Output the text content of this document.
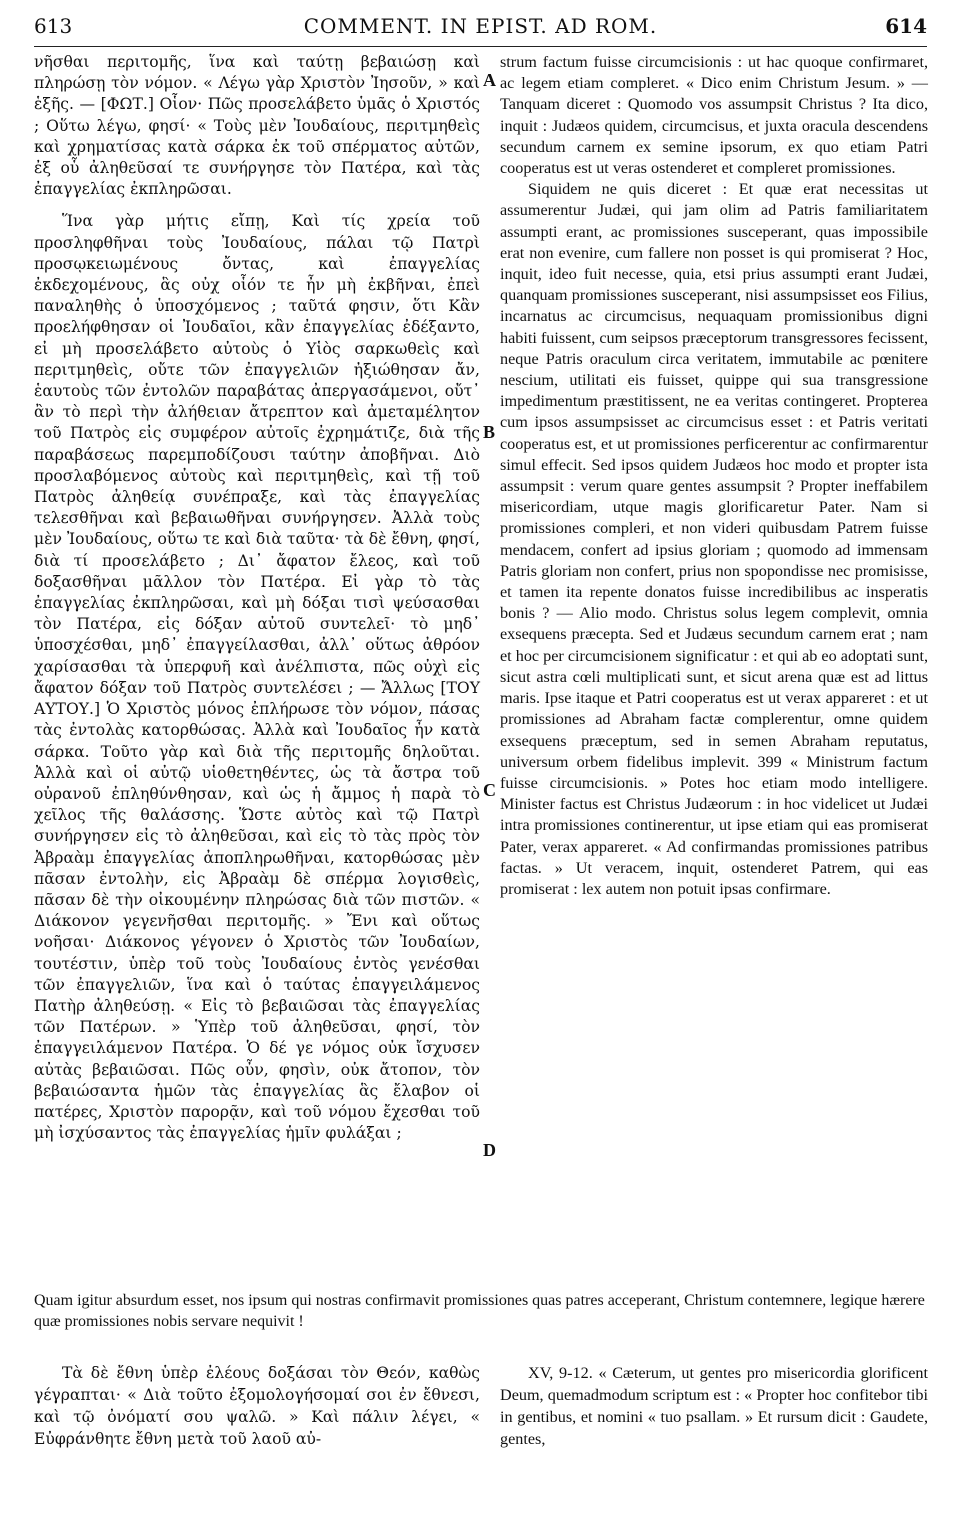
COMMENT. IN EPIST. AD ROM.
613	614

νῆσθαι περιτομῆς, ἵνα καὶ ταύτῃ βεβαιώσῃ καὶ πληρώσῃ τὸν νόμον. « Λέγω γὰρ Χριστὸν Ἰησοῦν, » καὶ ἑξῆς. — [ΦΩΤ.] Οἷον· Πῶς προσελάβετο ὑμᾶς ὁ Χριστός ; Οὕτω λέγω, φησί· « Τοὺς μὲν Ἰουδαίους, περιτμηθεὶς καὶ χρηματίσας κατὰ σάρκα ἐκ τοῦ σπέρματος αὐτῶν, ἐξ οὗ ἀληθεῦσαί τε συνήργησε τὸν Πατέρα, καὶ τὰς ἐπαγγελίας ἐκπληρῶσαι.

Ἵνα γὰρ μήτις εἴπῃ, Καὶ τίς χρεία τοῦ προσληφθῆναι τοὺς Ἰουδαίους, πάλαι τῷ Πατρὶ προσῳκειωμένους ὄντας, καὶ ἐπαγγελίας ἐκδεχομένους, ἃς οὐχ οἷόν τε ἦν μὴ ἐκβῆναι, ἐπεὶ παναληθὴς ὁ ὑποσχόμενος ; ταῦτά φησιν, ὅτι Κἂν προελήφθησαν οἱ Ἰουδαῖοι, κἂν ἐπαγγελίας ἐδέξαντο, εἰ μὴ προσελάβετο αὐτοὺς ὁ Υἱὸς σαρκωθεὶς καὶ περιτμηθεὶς, οὔτε τῶν ἐπαγγελιῶν ἠξιώθησαν ἄν, ἑαυτοὺς τῶν ἐντολῶν παραβάτας ἀπεργασάμενοι, οὔτ᾽ ἂν τὸ περὶ τὴν ἀλήθειαν ἄτρεπτον καὶ ἀμεταμέλητον τοῦ Πατρὸς εἰς συμφέρον αὐτοῖς ἐχρημάτιζε, διὰ τῆς παραβάσεως παρεμποδίζουσι ταύτην ἀποβῆναι. Διὸ προσλαβόμενος αὐτοὺς καὶ περιτμηθεὶς, καὶ τῇ τοῦ Πατρὸς ἀληθείᾳ συνέπραξε, καὶ τὰς ἐπαγγελίας τελεσθῆναι καὶ βεβαιωθῆναι συνήργησεν. Ἀλλὰ τοὺς μὲν Ἰουδαίους, οὕτω τε καὶ διὰ ταῦτα· τὰ δὲ ἔθνη, φησί, διὰ τί προσελάβετο ; Δι᾽ ἄφατον ἔλεος, καὶ τοῦ δοξασθῆναι μᾶλλον τὸν Πατέρα. Εἰ γὰρ τὸ τὰς ἐπαγγελίας ἐκπληρῶσαι, καὶ μὴ δόξαι τισὶ ψεύσασθαι τὸν Πατέρα, εἰς δόξαν αὐτοῦ συντελεῖ· τὸ μηδ᾽ ὑποσχέσθαι, μηδ᾽ ἐπαγγείλασθαι, ἀλλ᾽ οὕτως ἀθρόον χαρίσασθαι τὰ ὑπερφυῆ καὶ ἀνέλπιστα, πῶς οὐχὶ εἰς ἄφατον δόξαν τοῦ Πατρὸς συντελέσει ; — Ἄλλως [ΤΟΥ ΑΥΤΟΥ.] Ὁ Χριστὸς μόνος ἐπλήρωσε τὸν νόμον, πάσας τὰς ἐντολὰς κατορθώσας. Ἀλλὰ καὶ Ἰουδαῖος ἦν κατὰ σάρκα. Τοῦτο γὰρ καὶ διὰ τῆς περιτομῆς δηλοῦται. Ἀλλὰ καὶ οἱ αὐτῷ υἱοθετηθέντες, ὡς τὰ ἄστρα τοῦ οὐρανοῦ ἐπληθύνθησαν, καὶ ὡς ἡ ἄμμος ἡ παρὰ τὸ χεῖλος τῆς θαλάσσης. Ὥστε αὐτὸς καὶ τῷ Πατρὶ συνήργησεν εἰς τὸ ἀληθεῦσαι, καὶ εἰς τὸ τὰς πρὸς τὸν Ἀβραὰμ ἐπαγγελίας ἀποπληρωθῆναι, κατορθώσας μὲν πᾶσαν ἐντολὴν, εἰς Ἀβραὰμ δὲ σπέρμα λογισθεὶς, πᾶσαν δὲ τὴν οἰκουμένην πληρώσας διὰ τῶν πιστῶν. « Διάκονον γεγενῆσθαι περιτομῆς. » Ἔνι καὶ οὕτως νοῆσαι· Διάκονος γέγονεν ὁ Χριστὸς τῶν Ἰουδαίων, τουτέστιν, ὑπὲρ τοῦ τοὺς Ἰουδαίους ἐντὸς γενέσθαι τῶν ἐπαγγελιῶν, ἵνα καὶ ὁ ταύτας ἐπαγγειλάμενος Πατὴρ ἀληθεύσῃ. « Εἰς τὸ βεβαιῶσαι τὰς ἐπαγγελίας τῶν Πατέρων. » Ὑπὲρ τοῦ ἀληθεῦσαι, φησί, τὸν ἐπαγγειλάμενον Πατέρα. Ὁ δέ γε νόμος οὐκ ἴσχυσεν αὐτὰς βεβαιῶσαι. Πῶς οὖν, φησὶν, οὐκ ἄτοπον, τὸν βεβαιώσαντα ἡμῶν τὰς ἐπαγγελίας ἃς ἔλαβον οἱ πατέρες, Χριστὸν παρορᾷν, καὶ τοῦ νόμου ἔχεσθαι τοῦ μὴ ἰσχύσαντος τὰς ἐπαγγελίας ἡμῖν φυλάξαι ;

strum factum fuisse circumcisionis : ut hac quoque confirmaret, ac legem etiam compleret. « Dico enim Christum Jesum. » — Tanquam diceret : Quomodo vos assumpsit Christus ? Ita dico, inquit : Judæos quidem, circumcisus, et juxta oracula descendens secundum carnem ex semine ipsorum, ex quo etiam Patri cooperatus est ut veras ostenderet et compleret promissiones.

Siquidem ne quis diceret : Et quæ erat necessitas ut assumerentur Judæi, qui jam olim ad Patris familiaritatem assumpti erant, ac promissiones susceperant, quas impossibile erat non evenire, cum fallere non posset is qui promiserat ? Hoc, inquit, ideo fuit necesse, quia, etsi prius assumpti erant Judæi, quanquam promissiones susceperant, nisi assumpsisset eos Filius, incarnatus ac circumcisus, nequaquam promissionibus digni habiti fuissent, cum seipsos præceptorum transgressores fecissent, neque Patris oraculum circa veritatem, immutabile ac pœnitere nescium, utilitati eis fuisset, quippe qui sua transgressione impedimentum præstitissent, ne ea veritas contingeret. Propterea cum ipsos assumpsisset ac circumcisus esset : et Patris veritati cooperatus est, et ut promissiones perficerentur ac confirmarentur simul effecit. Sed ipsos quidem Judæos hoc modo et propter ista assumpsit : verum quare gentes assumpsit ? Propter ineffabilem misericordiam, utque magis glorificaretur Pater. Nam si promissiones compleri, et non videri quibusdam Patrem fuisse mendacem, confert ad ipsius gloriam ; quomodo ad immensam Patris gloriam non confert, prius non spopondisse nec promisisse, et tamen ita repente donatos fuisse incredibilibus ac insperatis bonis ? — Alio modo. Christus solus legem complevit, omnia exsequens præcepta. Sed et Judæus secundum carnem erat ; nam et hoc per circumcisionem significatur : et qui ab eo adoptati sunt, sicut astra cœli multiplicati sunt, et sicut arena quæ est ad littus maris. Ipse itaque et Patri cooperatus est ut verax appareret : et ut promissiones ad Abraham factæ complerentur, omne quidem exsequens præceptum, sed in semen Abraham reputatus, universum orbem fidelibus implevit. 399 « Ministrum factum fuisse circumcisionis. » Potes hoc etiam modo intelligere. Minister factus est Christus Judæorum : in hoc videlicet ut Judæi intra promissiones continerentur, ut ipse etiam qui eas promiserat Pater, verax appareret. « Ad confirmandas promissiones patribus factas. » Ut veracem, inquit, ostenderet Patrem, qui eas promiserat : lex autem non potuit ipsas confirmare.

A
B
C
D

Quam igitur absurdum esset, nos ipsum qui nostras confirmavit promissiones quas patres acceperant, Christum contemnere, legique hærere quæ promissiones nobis servare nequivit !

Τὰ δὲ ἔθνη ὑπὲρ ἐλέους δοξάσαι τὸν Θεόν, καθὼς γέγραπται· « Διὰ τοῦτο ἐξομολογήσομαί σοι ἐν ἔθνεσι, καὶ τῷ ὀνόματί σου ψαλῶ. » Καὶ πάλιν λέγει, « Εὐφράνθητε ἔθνη μετὰ τοῦ λαοῦ αὐ-

XV, 9-12. « Cæterum, ut gentes pro misericordia glorificent Deum, quemadmodum scriptum est : « Propter hoc confitebor tibi in gentibus, et nomini « tuo psallam. » Et rursum dicit : Gaudete, gentes,
